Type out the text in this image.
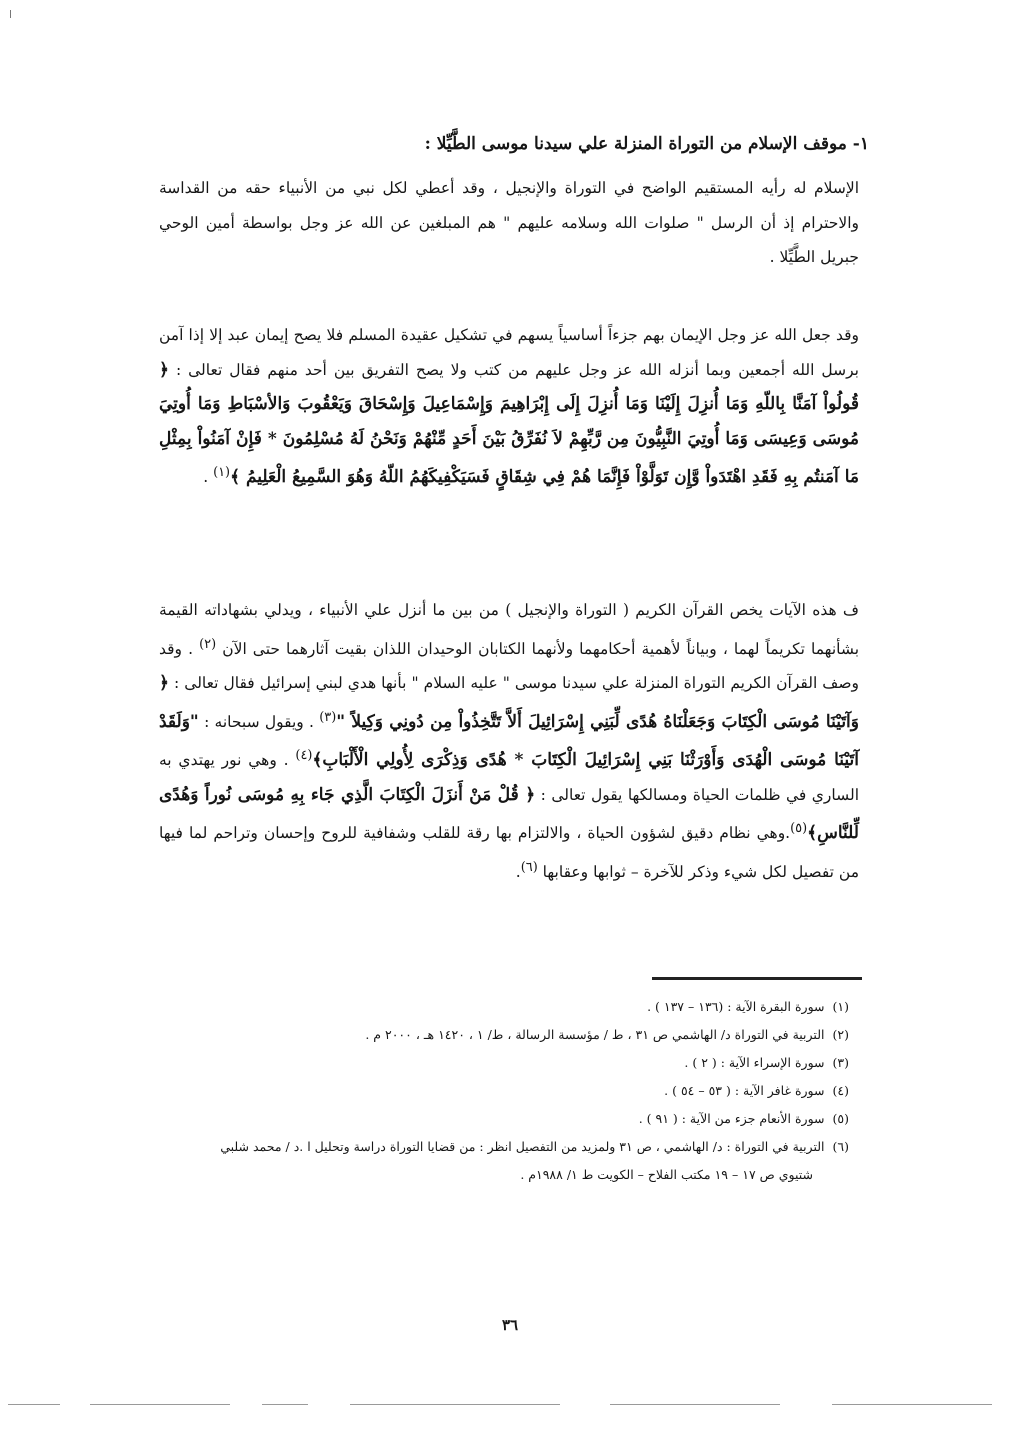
١- موقف الإسلام من التوراة المنزلة علي سيدنا موسى الطَّيِّلا :
الإسلام له رأيه المستقيم الواضح في التوراة والإنجيل ، وقد أعطي لكل نبي من الأنبياء حقه من القداسة والاحترام إذ أن الرسل " صلوات الله وسلامه عليهم " هم المبلغين عن الله عز وجل بواسطة أمين الوحي جبريل الطَّيِّلا .
وقد جعل الله عز وجل الإيمان بهم جزءاً أساسياً يسهم في تشكيل عقيدة المسلم فلا يصح إيمان عبد إلا إذا آمن برسل الله أجمعين وبما أنزله الله عز وجل عليهم من كتب ولا يصح التفريق بين أحد منهم فقال تعالى : ﴿ قُولُواْ آمَنَّا بِاللّهِ وَمَا أُنزِلَ إِلَيْنَا وَمَا أُنزِلَ إِلَى إِبْرَاهِيمَ وَإِسْمَاعِيلَ وَإِسْحَاقَ وَيَعْقُوبَ وَالأسْبَاطِ وَمَا أُوتِيَ مُوسَى وَعِيسَى وَمَا أُوتِيَ النَّبِيُّونَ مِن رَّبِّهِمْ لاَ نُفَرِّقُ بَيْنَ أَحَدٍ مِّنْهُمْ وَنَحْنُ لَهُ مُسْلِمُونَ * فَإِنْ آمَنُواْ بِمِثْلِ مَا آمَنتُم بِهِ فَقَدِ اهْتَدَواْ وَّإِن تَوَلَّوْاْ فَإِنَّمَا هُمْ فِي شِقَاقٍ فَسَيَكْفِيكَهُمُ اللّهُ وَهُوَ السَّمِيعُ الْعَلِيمُ ﴾$^{(١)}$ .
ف هذه الآيات يخص القرآن الكريم ( التوراة والإنجيل ) من بين ما أنزل علي الأنبياء ، ويدلي بشهاداته القيمة بشأنهما تكريماً لهما ، وبياناً لأهمية أحكامهما ولأنهما الكتابان الوحيدان اللذان بقيت آثارهما حتى الآن $^{(٢)}$ . وقد وصف القرآن الكريم التوراة المنزلة علي سيدنا موسى " عليه السلام " بأنها هدي لبني إسرائيل فقال تعالى : ﴿ وَآتَيْنَا مُوسَى الْكِتَابَ وَجَعَلْنَاهُ هُدًى لِّبَنِي إِسْرَائِيلَ أَلاَّ تَتَّخِذُواْ مِن دُونِي وَكِيلاً "$^{(٣)}$ . ويقول سبحانه : "وَلَقَدْ آتَيْنَا مُوسَى الْهُدَى وَأَوْرَثْنَا بَنِي إِسْرَائِيلَ الْكِتَابَ * هُدًى وَذِكْرَى لِأُولِي الْأَلْبَابِ﴾$^{(٤)}$ . وهي نور يهتدي به الساري في ظلمات الحياة ومسالكها يقول تعالى : ﴿ قُلْ مَنْ أَنزَلَ الْكِتَابَ الَّذِي جَاء بِهِ مُوسَى نُوراً وَهُدًى لِّلنَّاسِ﴾$^{(٥)}$.وهي نظام دقيق لشؤون الحياة ، والالتزام بها رقة للقلب وشفافية للروح وإحسان وتراحم لما فيها من تفصيل لكل شيء وذكر للآخرة – ثوابها وعقابها $^{(٦)}$.

(١)سورة البقرة الآية : (١٣٦ – ١٣٧ ) .

(٢)التربية في التوراة د/ الهاشمي ص ٣١ ، ط / مؤسسة الرسالة ، ط/ ١ ، ١٤٢٠ هـ ، ٢٠٠٠ م .

(٣)سورة الإسراء الآية : ( ٢ ) .

(٤)سورة غافر الآية : ( ٥٣ – ٥٤ ) .

(٥)سورة الأنعام جزء من الآية : ( ٩١ ) .

(٦)التربية في التوراة : د/ الهاشمي ، ص ٣١ ولمزيد من التفصيل انظر : من قضايا التوراة دراسة وتحليل ا .د / محمد شلبي

شتيوي ص ١٧ – ١٩ مكتب الفلاح – الكويت ط ١/ ١٩٨٨م .

٣٦
